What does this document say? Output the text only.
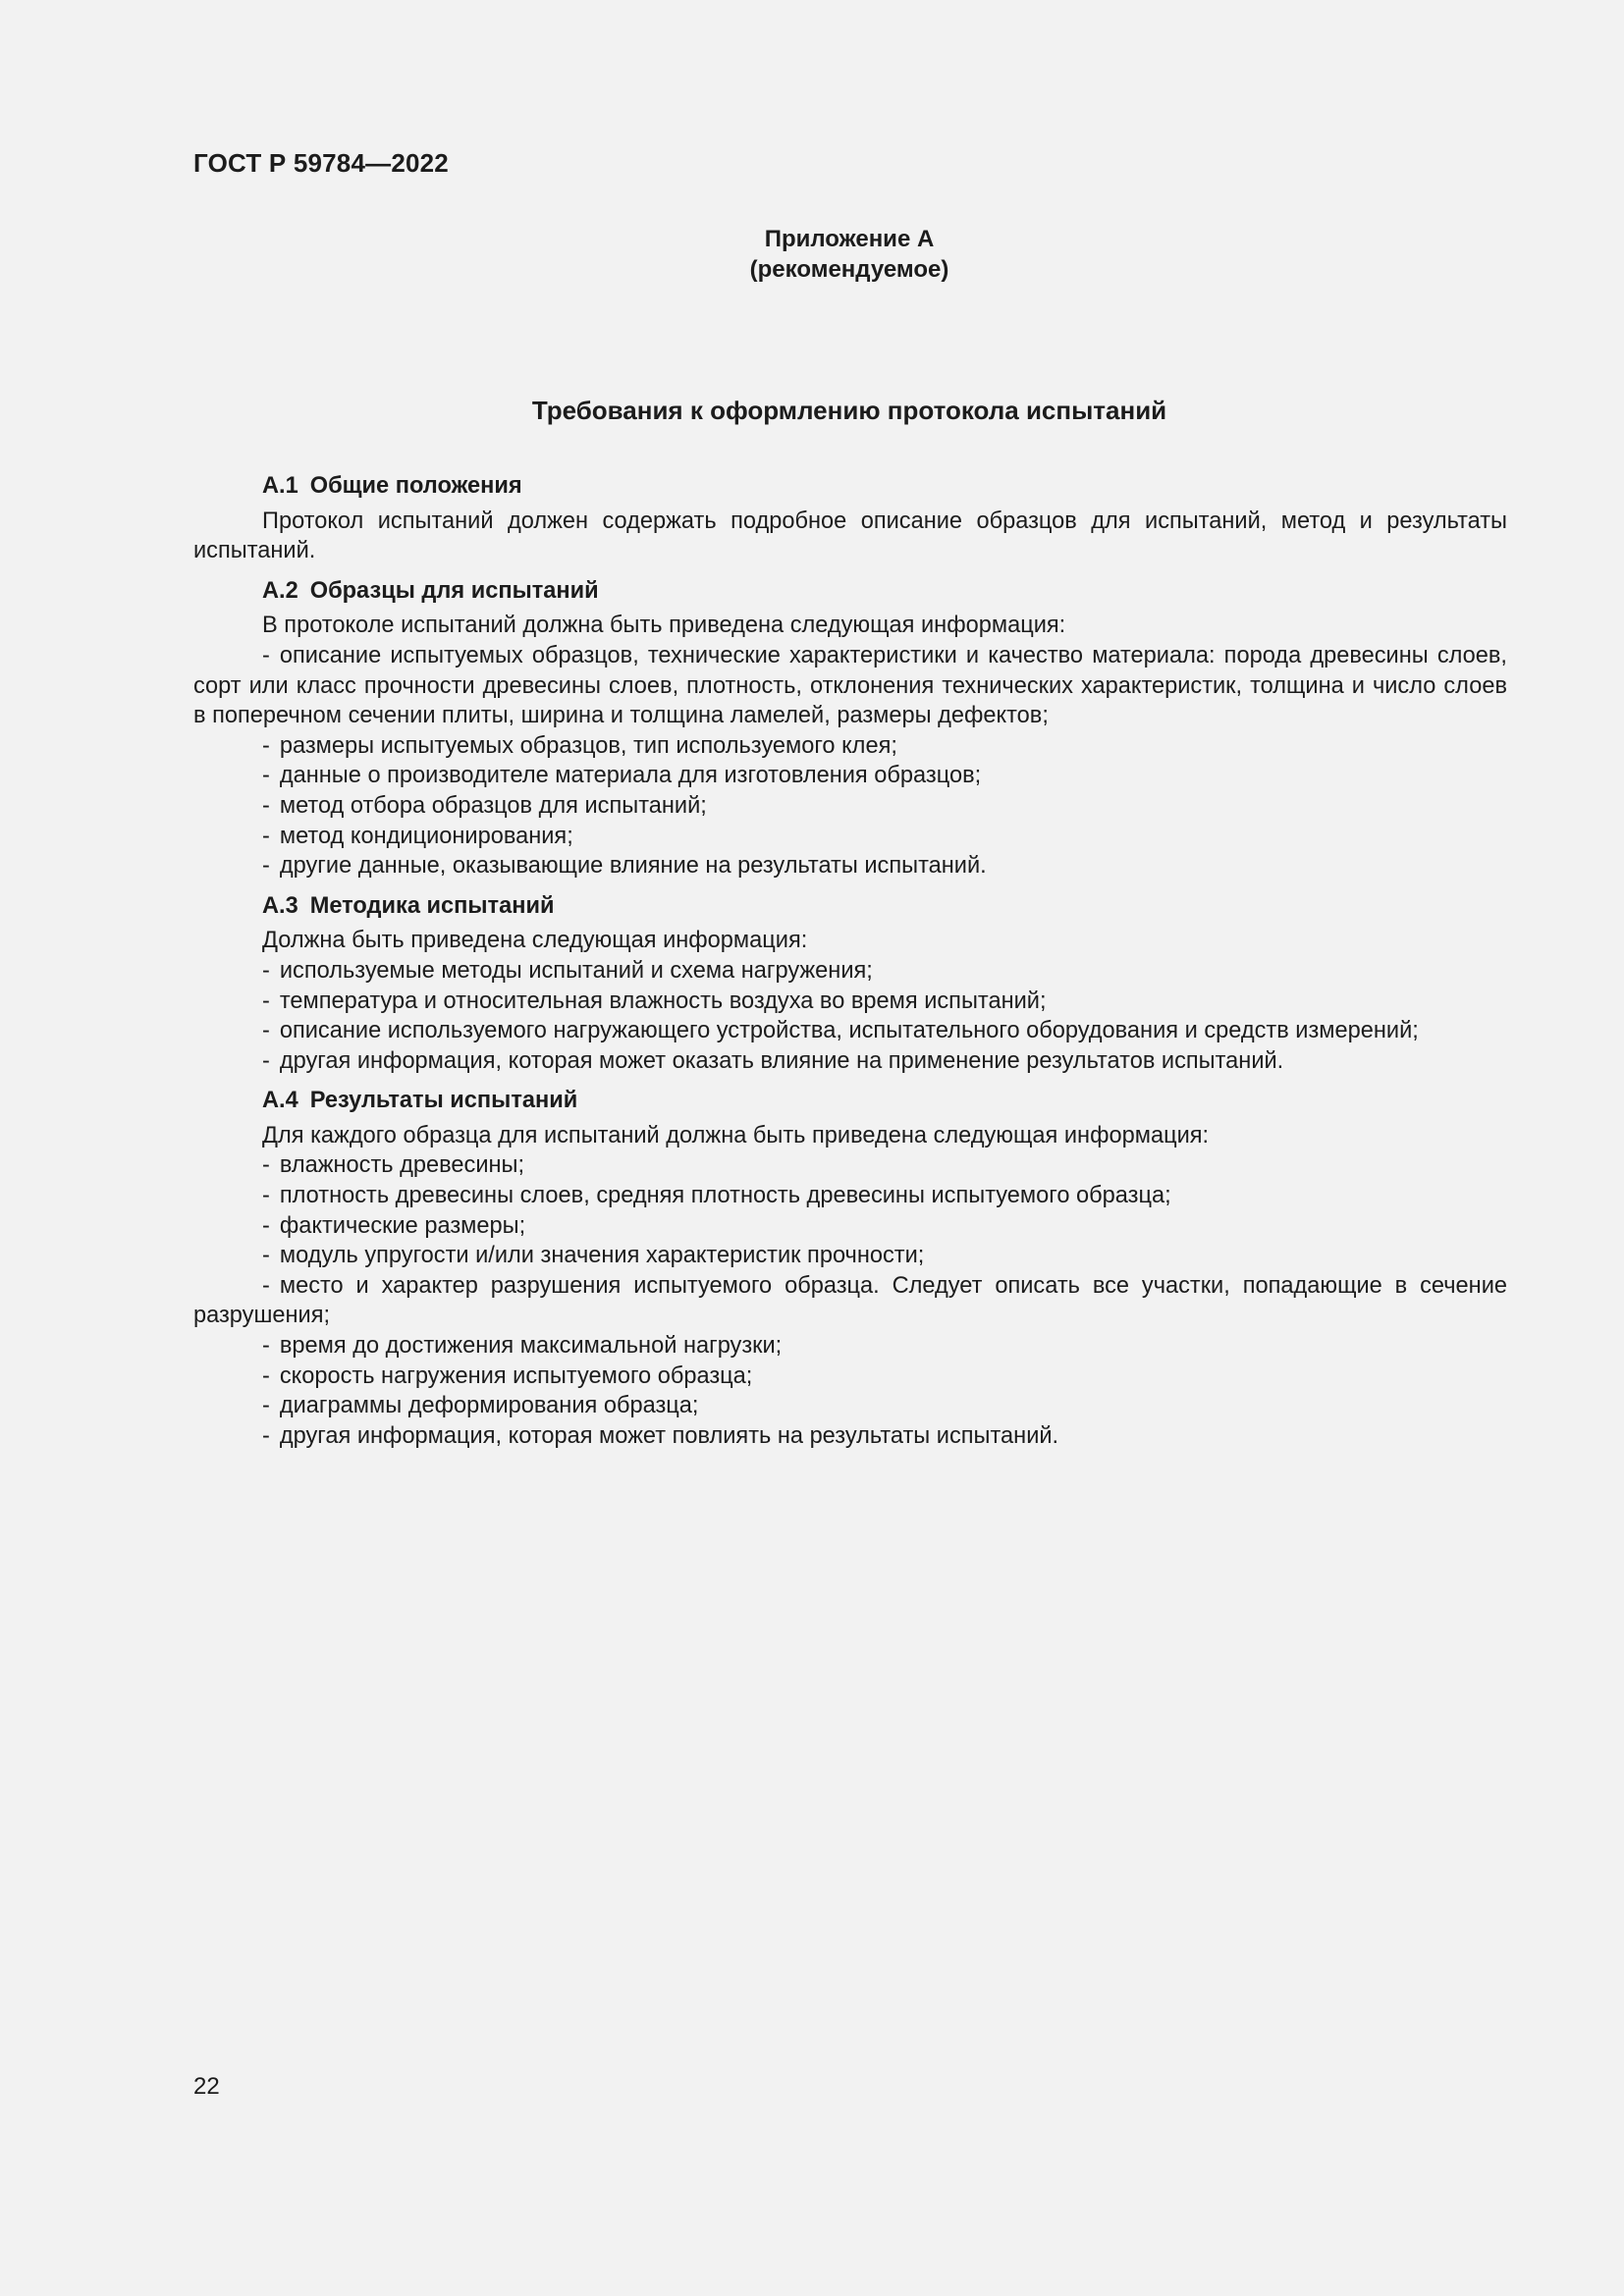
ГОСТ Р 59784—2022
Приложение А
(рекомендуемое)
Требования к оформлению протокола испытаний
А.1 Общие положения

Протокол испытаний должен содержать подробное описание образцов для испытаний, метод и результаты испытаний.

А.2 Образцы для испытаний

В протоколе испытаний должна быть приведена следующая информация:

- описание испытуемых образцов, технические характеристики и качество материала: порода древесины слоев, сорт или класс прочности древесины слоев, плотность, отклонения технических характеристик, толщина и число слоев в поперечном сечении плиты, ширина и толщина ламелей, размеры дефектов;

- размеры испытуемых образцов, тип используемого клея;

- данные о производителе материала для изготовления образцов;

- метод отбора образцов для испытаний;

- метод кондиционирования;

- другие данные, оказывающие влияние на результаты испытаний.

А.3 Методика испытаний

Должна быть приведена следующая информация:

- используемые методы испытаний и схема нагружения;

- температура и относительная влажность воздуха во время испытаний;

- описание используемого нагружающего устройства, испытательного оборудования и средств измерений;

- другая информация, которая может оказать влияние на применение результатов испытаний.

А.4 Результаты испытаний

Для каждого образца для испытаний должна быть приведена следующая информация:

- влажность древесины;

- плотность древесины слоев, средняя плотность древесины испытуемого образца;

- фактические размеры;

- модуль упругости и/или значения характеристик прочности;

- место и характер разрушения испытуемого образца. Следует описать все участки, попадающие в сечение разрушения;

- время до достижения максимальной нагрузки;

- скорость нагружения испытуемого образца;

- диаграммы деформирования образца;

- другая информация, которая может повлиять на результаты испытаний.

22
